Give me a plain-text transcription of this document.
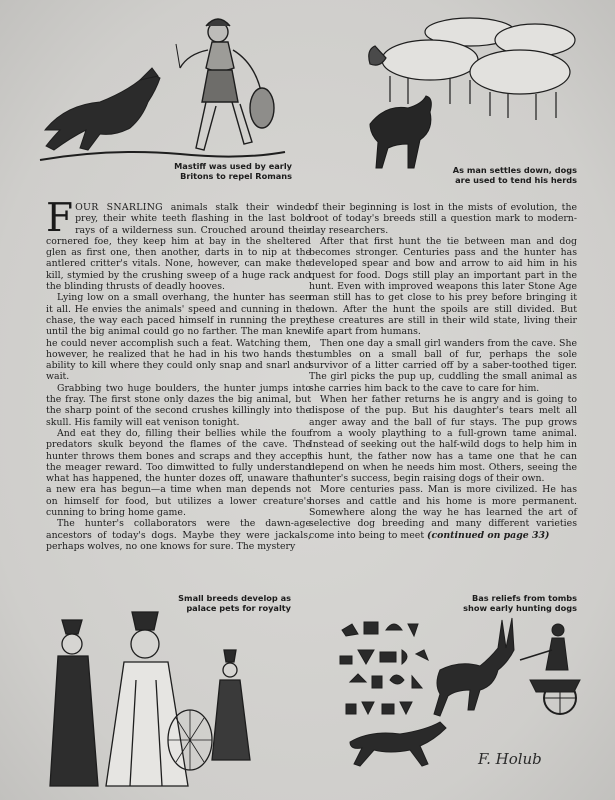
Mastiff was used by early
Britons to repel Romans
As man settles down, dogs
are used to tend his herds

FOUR SNARLING animals stalk their winded prey, their white teeth flashing in the last bold rays of a wilderness sun. Crouched around their cornered foe, they keep him at bay in the sheltered glen as first one, then another, darts in to nip at the antlered critter's vitals. None, however, can make the kill, stymied by the crushing sweep of a huge rack and the blinding thrusts of deadly hooves.

Lying low on a small overhang, the hunter has seen it all. He envies the animals' speed and cunning in the chase, the way each paced himself in running the prey until the big animal could go no farther. The man knew he could never accomplish such a feat. Watching them, however, he realized that he had in his two hands the ability to kill where they could only snap and snarl and wait.

Grabbing two huge boulders, the hunter jumps into the fray. The first stone only dazes the big animal, but the sharp point of the second crushes killingly into the skull. His family will eat venison tonight.

And eat they do, filling their bellies while the four predators skulk beyond the flames of the cave. The hunter throws them bones and scraps and they accept the meager reward. Too dimwitted to fully understand what has happened, the hunter dozes off, unaware that a new era has begun—a time when man depends not on himself for food, but utilizes a lower creature's cunning to bring home game.

The hunter's collaborators were the dawn-age ancestors of today's dogs. Maybe they were jackals, perhaps wolves, no one knows for sure. The mystery

of their beginning is lost in the mists of evolution, the root of today's breeds still a question mark to modern-day researchers.

After that first hunt the tie between man and dog becomes stronger. Centuries pass and the hunter has developed spear and bow and arrow to aid him in his quest for food. Dogs still play an important part in the hunt. Even with improved weapons this later Stone Age man still has to get close to his prey before bringing it down. After the hunt the spoils are still divided. But these creatures are still in their wild state, living their life apart from humans.

Then one day a small girl wanders from the cave. She stumbles on a small ball of fur, perhaps the sole survivor of a litter carried off by a saber-toothed tiger. The girl picks the pup up, cuddling the small animal as she carries him back to the cave to care for him.

When her father returns he is angry and is going to dispose of the pup. But his daughter's tears melt all anger away and the ball of fur stays. The pup grows from a wooly plaything to a full-grown tame animal. Instead of seeking out the half-wild dogs to help him in his hunt, the father now has a tame one that he can depend on when he needs him most. Others, seeing the hunter's success, begin raising dogs of their own.

More centuries pass. Man is more civilized. He has horses and cattle and his home is more permanent. Somewhere along the way he has learned the art of selective dog breeding and many different varieties come into being to meet (continued on page 33)

Small breeds develop as
palace pets for royalty
Bas reliefs from tombs
show early hunting dogs
F. Holub
